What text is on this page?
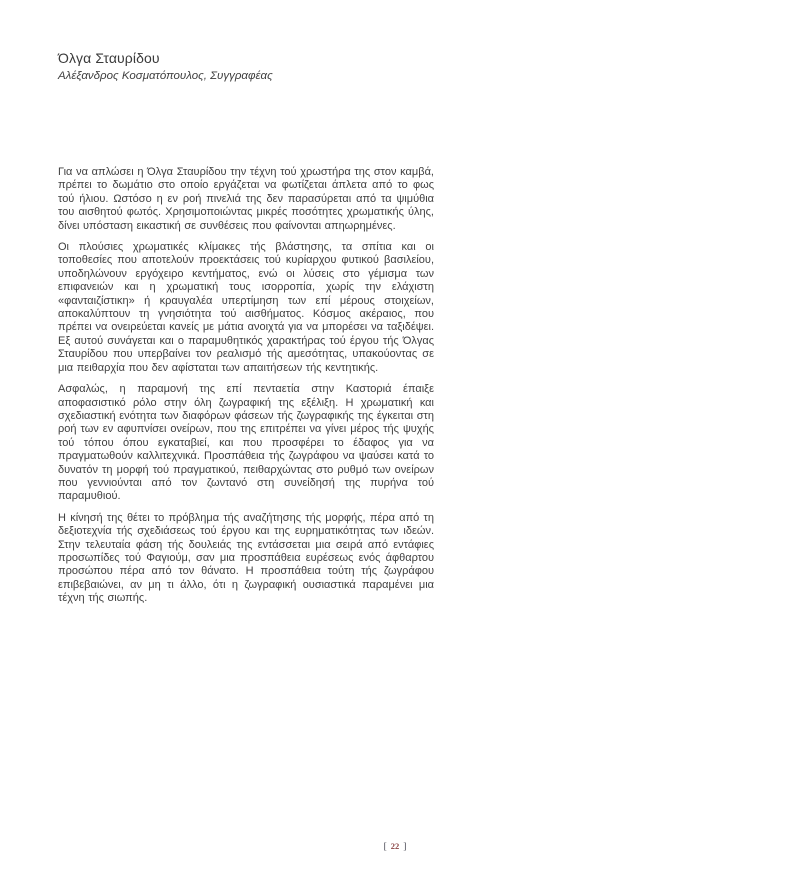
Όλγα Σταυρίδου

Αλέξανδρος Κοσματόπουλος, Συγγραφέας

Για να απλώσει η Όλγα Σταυρίδου την τέχνη τού χρωστήρα της στον καμβά, πρέπει το δωμάτιο στο οποίο εργάζεται να φωτίζεται άπλετα από το φως τού ήλιου. Ωστόσο η εν ροή πινελιά της δεν παρασύρεται από τα ψιμύθια του αισθητού φωτός. Χρησιμοποιώντας μικρές ποσότητες χρωματικής ύλης, δίνει υπόσταση εικαστική σε συνθέσεις που φαίνονται απηωρημένες.

Οι πλούσιες χρωματικές κλίμακες τής βλάστησης, τα σπίτια και οι τοποθεσίες που αποτελούν προεκτάσεις τού κυρίαρχου φυτικού βασιλείου, υποδηλώνουν εργόχειρο κεντήματος, ενώ οι λύσεις στο γέμισμα των επιφανειών και η χρωματική τους ισορροπία, χωρίς την ελάχιστη «φανταιζίστικη» ή κραυγαλέα υπερτίμηση των επί μέρους στοιχείων, αποκαλύπτουν τη γνησιότητα τού αισθήματος. Κόσμος ακέραιος, που πρέπει να ονειρεύεται κανείς με μάτια ανοιχτά για να μπορέσει να ταξιδέψει. Εξ αυτού συνάγεται και ο παραμυθητικός χαρακτήρας τού έργου τής Όλγας Σταυρίδου που υπερβαίνει τον ρεαλισμό τής αμεσότητας, υπακούοντας σε μια πειθαρχία που δεν αφίσταται των απαιτήσεων τής κεντητικής.

Ασφαλώς, η παραμονή της επί πενταετία στην Καστοριά έπαιξε αποφασιστικό ρόλο στην όλη ζωγραφική της εξέλιξη. Η χρωματική και σχεδιαστική ενότητα των διαφόρων φάσεων τής ζωγραφικής της έγκειται στη ροή των εν αφυπνίσει ονείρων, που της επιτρέπει να γίνει μέρος τής ψυχής τού τόπου όπου εγκαταβιεί, και που προσφέρει το έδαφος για να πραγματωθούν καλλιτεχνικά. Προσπάθεια τής ζωγράφου να ψαύσει κατά το δυνατόν τη μορφή τού πραγματικού, πειθαρχώντας στο ρυθμό των ονείρων που γεννιούνται από τον ζωντανό στη συνείδησή της πυρήνα τού παραμυθιού.

Η κίνησή της θέτει το πρόβλημα τής αναζήτησης τής μορφής, πέρα από τη δεξιοτεχνία τής σχεδιάσεως τού έργου και της ευρηματικότητας των ιδεών. Στην τελευταία φάση τής δουλειάς της εντάσσεται μια σειρά από εντάφιες προσωπίδες τού Φαγιούμ, σαν μια προσπάθεια ευρέσεως ενός άφθαρτου προσώπου πέρα από τον θάνατο. Η προσπάθεια τούτη τής ζωγράφου επιβεβαιώνει, αν μη τι άλλο, ότι η ζωγραφική ουσιαστικά παραμένει μια τέχνη τής σιωπής.

[ 22 ]
